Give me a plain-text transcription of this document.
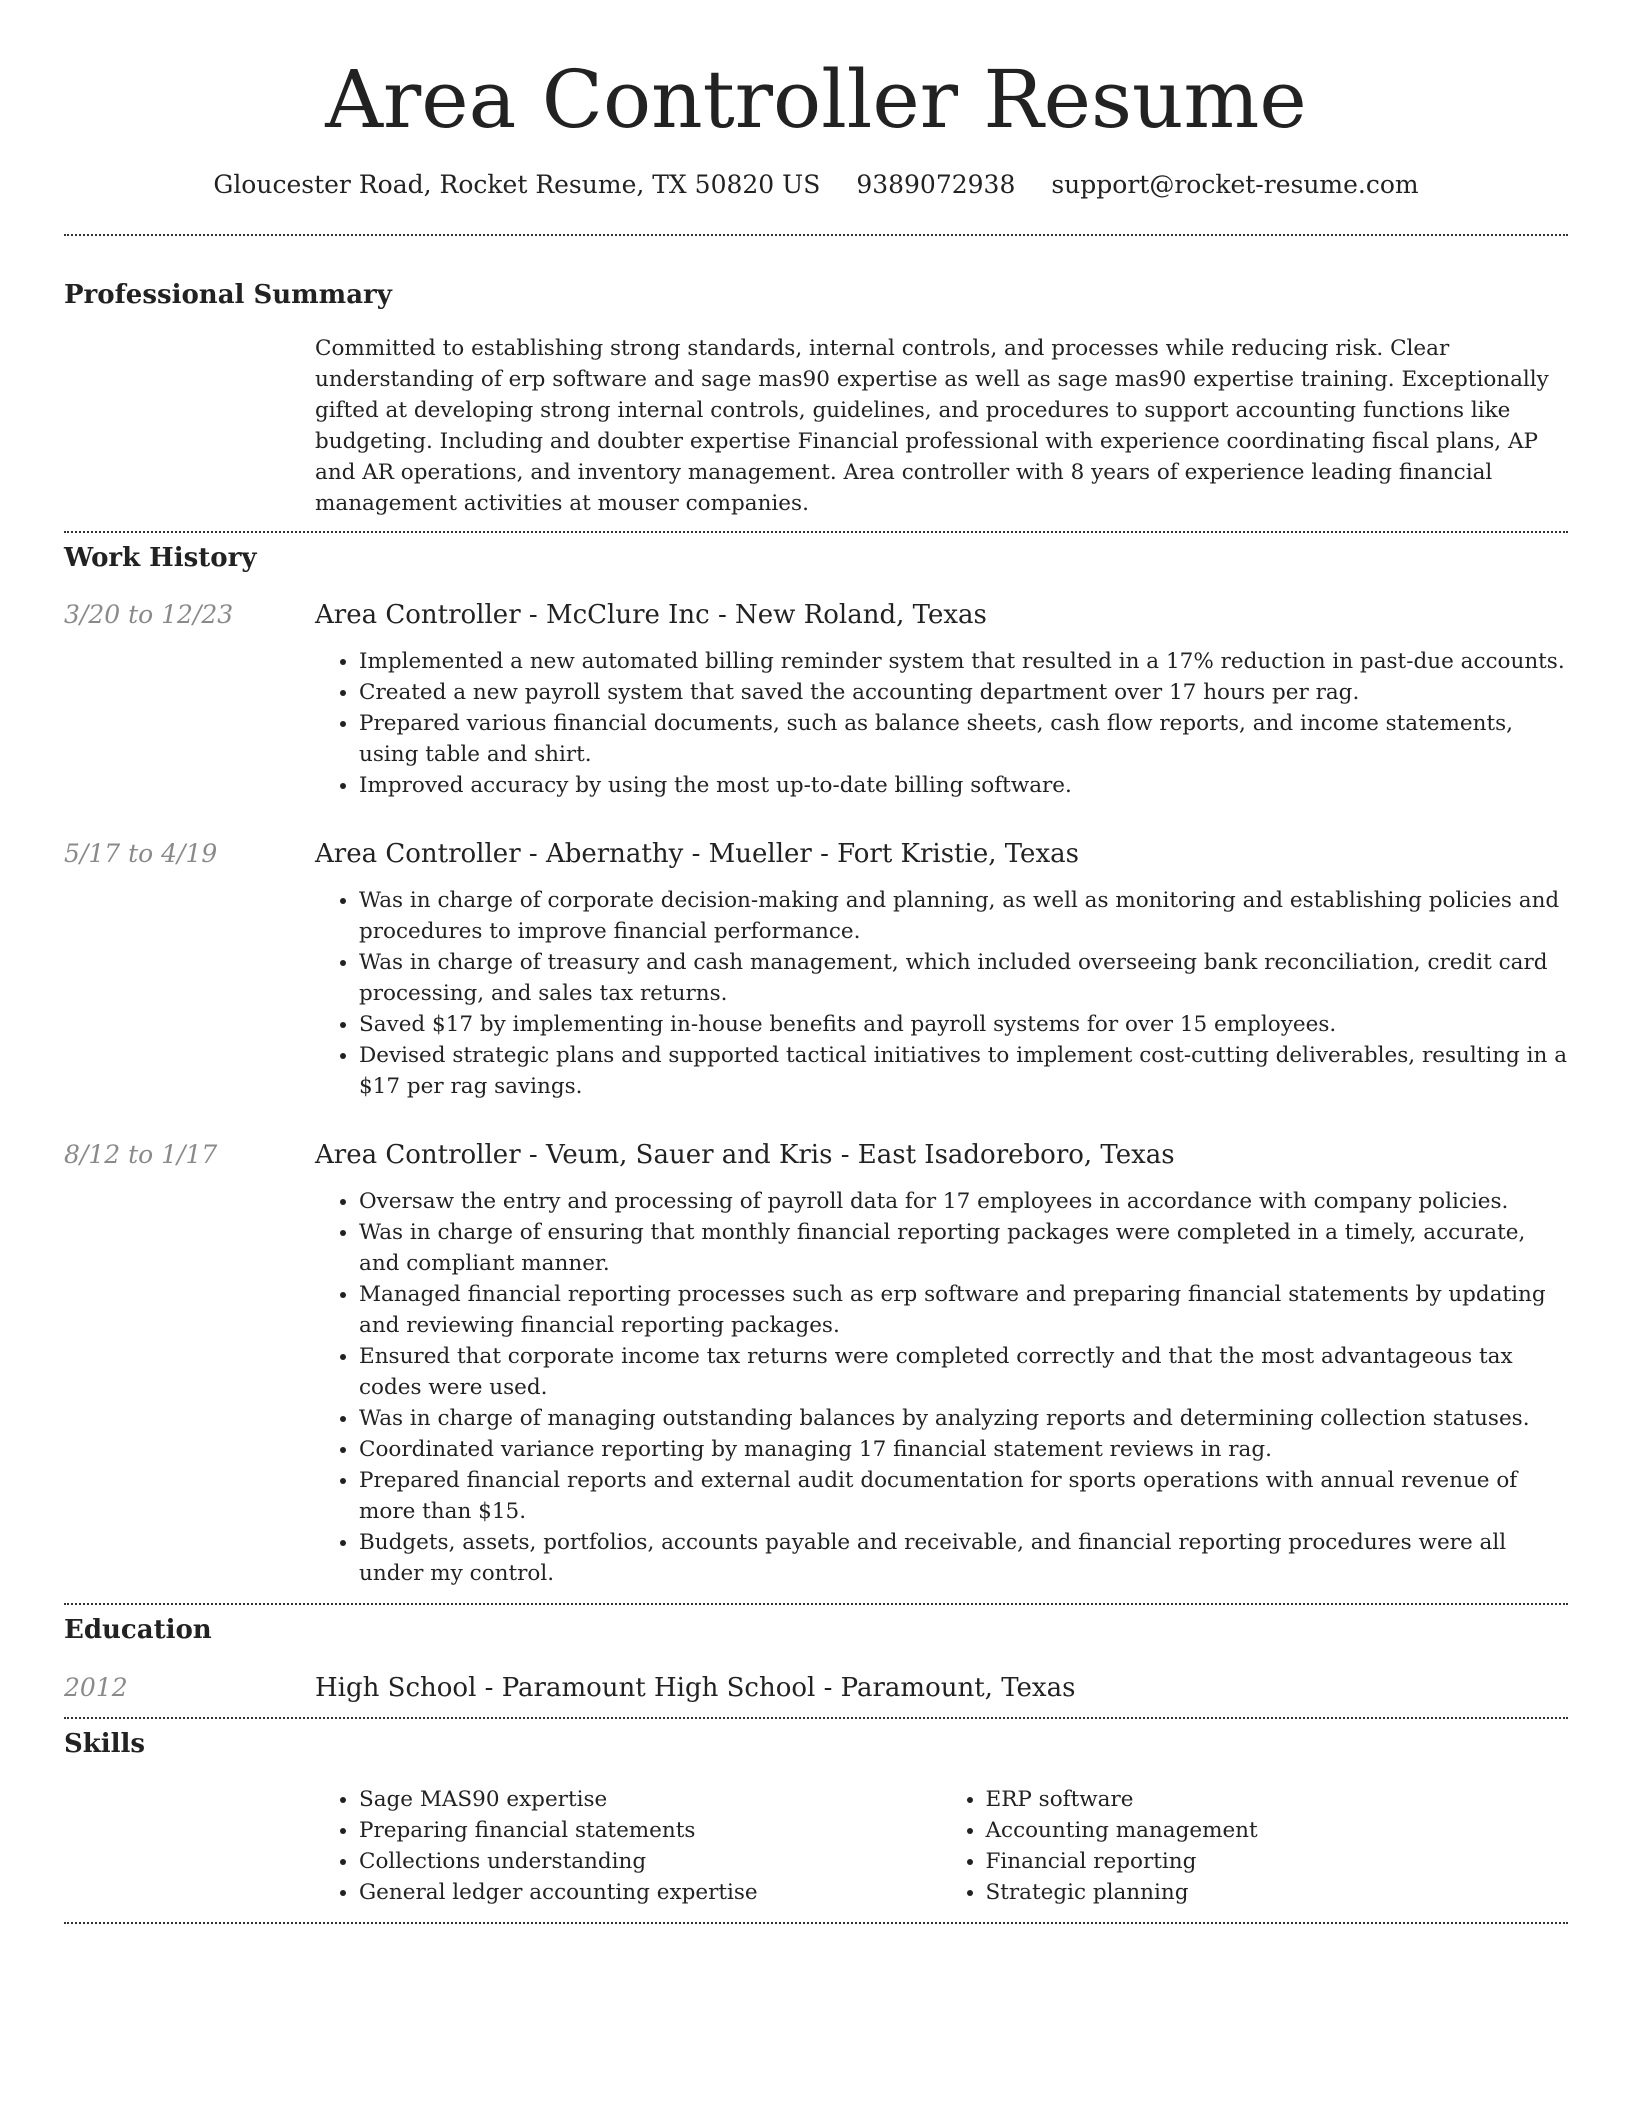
Area Controller Resume
Gloucester Road, Rocket Resume, TX 50820 US 9389072938 support@rocket-resume.com
Professional Summary

Committed to establishing strong standards, internal controls, and processes while reducing risk. Clear understanding of erp software and sage mas90 expertise as well as sage mas90 expertise training. Exceptionally gifted at developing strong internal controls, guidelines, and procedures to support accounting functions like budgeting. Including and doubter expertise Financial professional with experience coordinating fiscal plans, AP and AR operations, and inventory management. Area controller with 8 years of experience leading financial management activities at mouser companies.

Work History
3/20 to 12/23	Area Controller - McClure Inc - New Roland, Texas
• Implemented a new automated billing reminder system that resulted in a 17% reduction in past-due accounts.
• Created a new payroll system that saved the accounting department over 17 hours per rag.
• Prepared various financial documents, such as balance sheets, cash flow reports, and income statements, using table and shirt.
• Improved accuracy by using the most up-to-date billing software.
5/17 to 4/19	Area Controller - Abernathy - Mueller - Fort Kristie, Texas
• Was in charge of corporate decision-making and planning, as well as monitoring and establishing policies and procedures to improve financial performance.
• Was in charge of treasury and cash management, which included overseeing bank reconciliation, credit card processing, and sales tax returns.
• Saved $17 by implementing in-house benefits and payroll systems for over 15 employees.
• Devised strategic plans and supported tactical initiatives to implement cost-cutting deliverables, resulting in a $17 per rag savings.
8/12 to 1/17	Area Controller - Veum, Sauer and Kris - East Isadoreboro, Texas
• Oversaw the entry and processing of payroll data for 17 employees in accordance with company policies.
• Was in charge of ensuring that monthly financial reporting packages were completed in a timely, accurate, and compliant manner.
• Managed financial reporting processes such as erp software and preparing financial statements by updating and reviewing financial reporting packages.
• Ensured that corporate income tax returns were completed correctly and that the most advantageous tax codes were used.
• Was in charge of managing outstanding balances by analyzing reports and determining collection statuses.
• Coordinated variance reporting by managing 17 financial statement reviews in rag.
• Prepared financial reports and external audit documentation for sports operations with annual revenue of more than $15.
• Budgets, assets, portfolios, accounts payable and receivable, and financial reporting procedures were all under my control.
Education
2012	High School - Paramount High School - Paramount, Texas
Skills
• Sage MAS90 expertise
• Preparing financial statements
• Collections understanding
• General ledger accounting expertise
• ERP software
• Accounting management
• Financial reporting
• Strategic planning
